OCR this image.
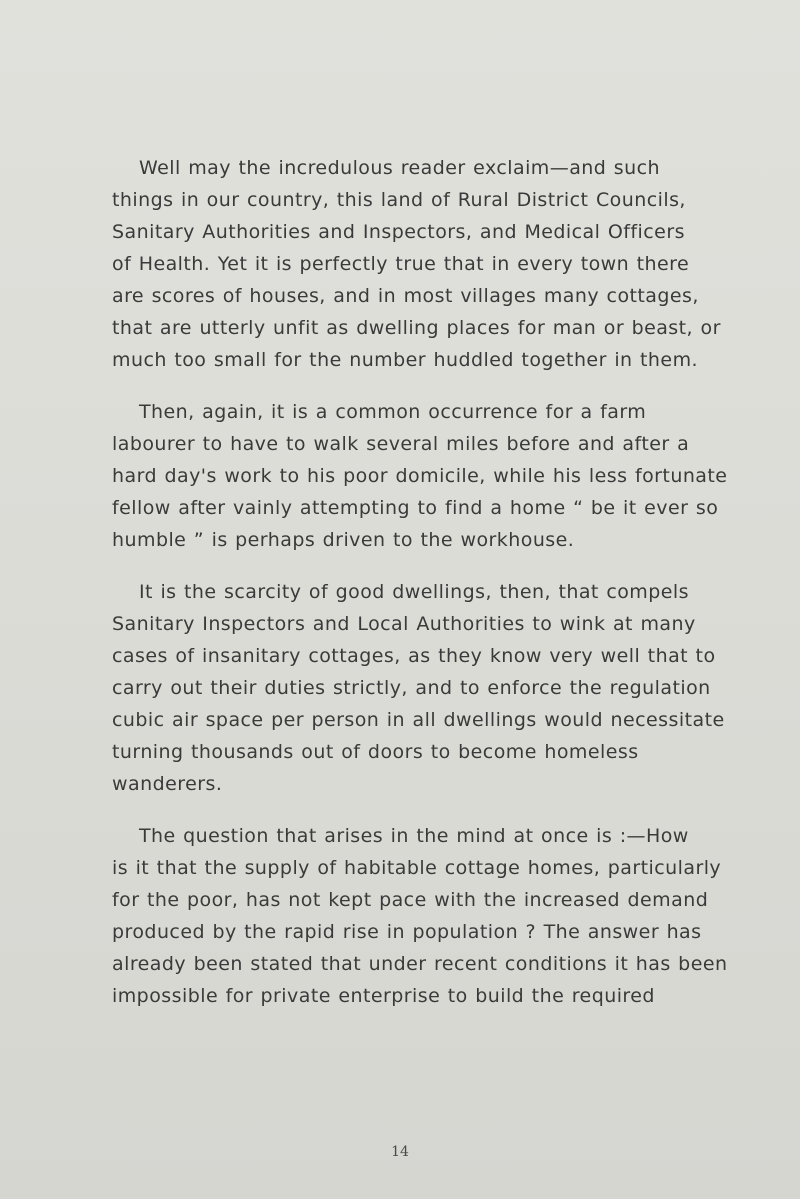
Well may the incredulous reader exclaim—and such
things in our country, this land of Rural District Councils,
Sanitary Authorities and Inspectors, and Medical Officers
of Health. Yet it is perfectly true that in every town there
are scores of houses, and in most villages many cottages,
that are utterly unfit as dwelling places for man or beast, or
much too small for the number huddled together in them.

Then, again, it is a common occurrence for a farm
labourer to have to walk several miles before and after a
hard day's work to his poor domicile, while his less fortunate
fellow after vainly attempting to find a home “ be it ever so
humble ” is perhaps driven to the workhouse.

It is the scarcity of good dwellings, then, that compels
Sanitary Inspectors and Local Authorities to wink at many
cases of insanitary cottages, as they know very well that to
carry out their duties strictly, and to enforce the regulation
cubic air space per person in all dwellings would necessitate
turning thousands out of doors to become homeless
wanderers.

The question that arises in the mind at once is :—How
is it that the supply of habitable cottage homes, particularly
for the poor, has not kept pace with the increased demand
produced by the rapid rise in population ? The answer has
already been stated that under recent conditions it has been
impossible for private enterprise to build the required

14
